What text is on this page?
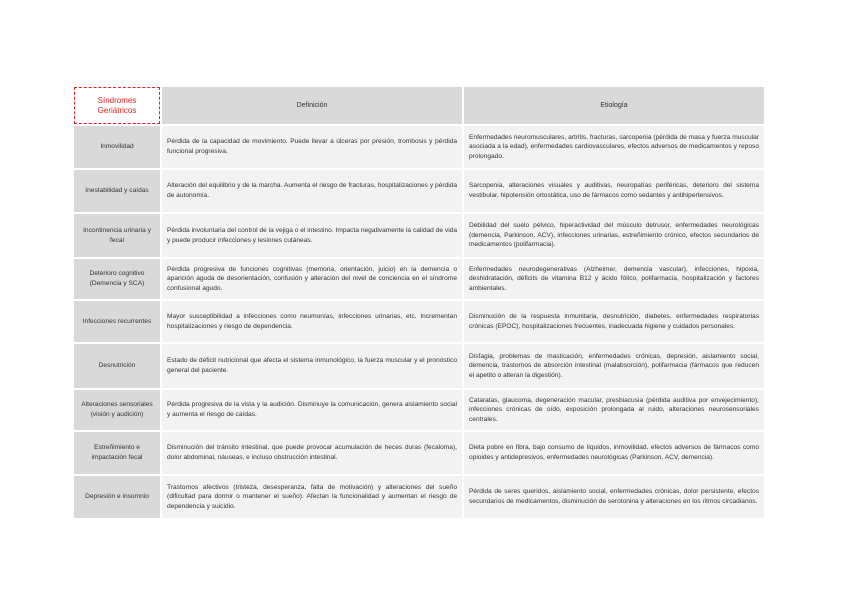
Síndromes
Geriátricos	Definición	Etiología
Inmovilidad	Pérdida de la capacidad de movimiento. Puede llevar a úlceras por presión, trombosis y pérdida funcional progresiva.	Enfermedades neuromusculares, artritis, fracturas, sarcopenia (pérdida de masa y fuerza muscular asociada a la edad), enfermedades cardiovasculares, efectos adversos de medicamentos y reposo prolongado.
Inestabilidad y caídas	Alteración del equilibrio y de la marcha. Aumenta el riesgo de fracturas, hospitalizaciones y pérdida de autonomía.	Sarcopenia, alteraciones visuales y auditivas, neuropatías periféricas, deterioro del sistema vestibular, hipotensión ortostática, uso de fármacos como sedantes y antihipertensivos.
Incontinencia urinaria y fecal	Pérdida involuntaria del control de la vejiga o el intestino. Impacta negativamente la calidad de vida y puede producir infecciones y lesiones cutáneas.	Debilidad del suelo pélvico, hiperactividad del músculo detrusor, enfermedades neurológicas (demencia, Parkinson, ACV), infecciones urinarias, estreñimiento crónico, efectos secundarios de medicamentos (polifarmacia).
Deterioro cognitivo (Demencia y SCA)	Pérdida progresiva de funciones cognitivas (memoria, orientación, juicio) en la demencia o aparición aguda de desorientación, confusión y alteración del nivel de conciencia en el síndrome confusional agudo.	Enfermedades neurodegenerativas (Alzheimer, demencia vascular), infecciones, hipoxia, deshidratación, déficits de vitamina B12 y ácido fólico, polifarmacia, hospitalización y factores ambientales.
Infecciones recurrentes	Mayor susceptibilidad a infecciones como neumonías, infecciones urinarias, etc. Incrementan hospitalizaciones y riesgo de dependencia.	Disminución de la respuesta inmunitaria, desnutrición, diabetes, enfermedades respiratorias crónicas (EPOC), hospitalizaciones frecuentes, inadecuada higiene y cuidados personales.
Desnutrición	Estado de déficit nutricional que afecta el sistema inmunológico, la fuerza muscular y el pronóstico general del paciente.	Disfagia, problemas de masticación, enfermedades crónicas, depresión, aislamiento social, demencia, trastornos de absorción intestinal (malabsorción), polifarmacia (fármacos que reducen el apetito o alteran la digestión).
Alteraciones sensoriales (visión y audición)	Pérdida progresiva de la vista y la audición. Disminuye la comunicación, genera aislamiento social y aumenta el riesgo de caídas.	Cataratas, glaucoma, degeneración macular, presbiacusia (pérdida auditiva por envejecimiento), infecciones crónicas de oído, exposición prolongada al ruido, alteraciones neurosensoriales centrales.
Estreñimiento e impactación fecal	Disminución del tránsito intestinal, que puede provocar acumulación de heces duras (fecaloma), dolor abdominal, náuseas, e incluso obstrucción intestinal.	Dieta pobre en fibra, bajo consumo de líquidos, inmovilidad, efectos adversos de fármacos como opioides y antidepresivos, enfermedades neurológicas (Parkinson, ACV, demencia).
Depresión e insomnio	Trastornos afectivos (tristeza, desesperanza, falta de motivación) y alteraciones del sueño (dificultad para dormir o mantener el sueño). Afectan la funcionalidad y aumentan el riesgo de dependencia y suicidio.	Pérdida de seres queridos, aislamiento social, enfermedades crónicas, dolor persistente, efectos secundarios de medicamentos, disminución de serotonina y alteraciones en los ritmos circadianos.
